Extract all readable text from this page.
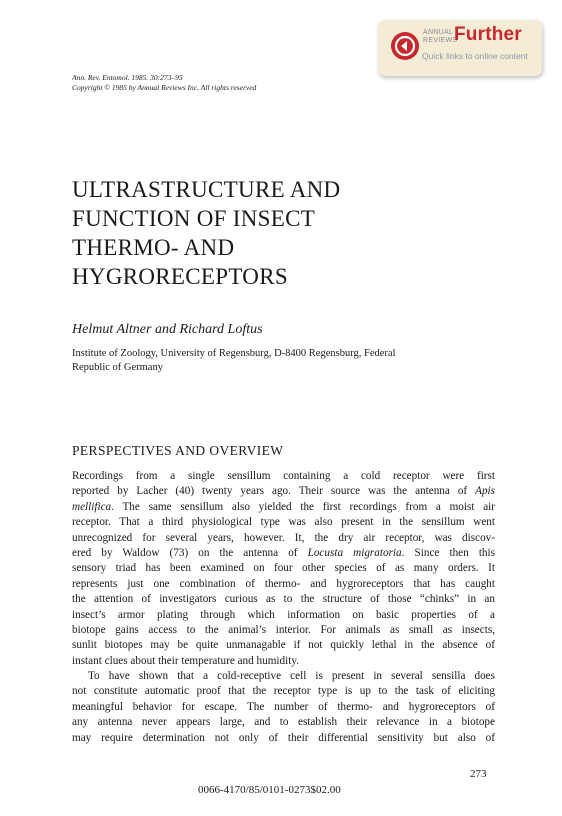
ANNUAL
REVIEWS
Further
Quick links to online content
Ann. Rev. Entomol. 1985. 30:273–95
Copyright © 1985 by Annual Reviews Inc. All rights reserved
ULTRASTRUCTURE AND
FUNCTION OF INSECT
THERMO- AND
HYGRORECEPTORS
Helmut Altner and Richard Loftus
Institute of Zoology, University of Regensburg, D-8400 Regensburg, Federal
Republic of Germany
PERSPECTIVES AND OVERVIEW
Recordings from a single sensillum containing a cold receptor were first
reported by Lacher (40) twenty years ago. Their source was the antenna of Apis
mellifica. The same sensillum also yielded the first recordings from a moist air
receptor. That a third physiological type was also present in the sensillum went
unrecognized for several years, however. It, the dry air receptor, was discov-
ered by Waldow (73) on the antenna of Locusta migratoria. Since then this
sensory triad has been examined on four other species of as many orders. It
represents just one combination of thermo- and hygroreceptors that has caught
the attention of investigators curious as to the structure of those “chinks” in an
insect’s armor plating through which information on basic properties of a
biotope gains access to the animal’s interior. For animals as small as insects,
sunlit biotopes may be quite unmanagable if not quickly lethal in the absence of
instant clues about their temperature and humidity.
To have shown that a cold-receptive cell is present in several sensilla does
not constitute automatic proof that the receptor type is up to the task of eliciting
meaningful behavior for escape. The number of thermo- and hygroreceptors of
any antenna never appears large, and to establish their relevance in a biotope
may require determination not only of their differential sensitivity but also of
273
0066-4170/85/0101-0273$02.00
